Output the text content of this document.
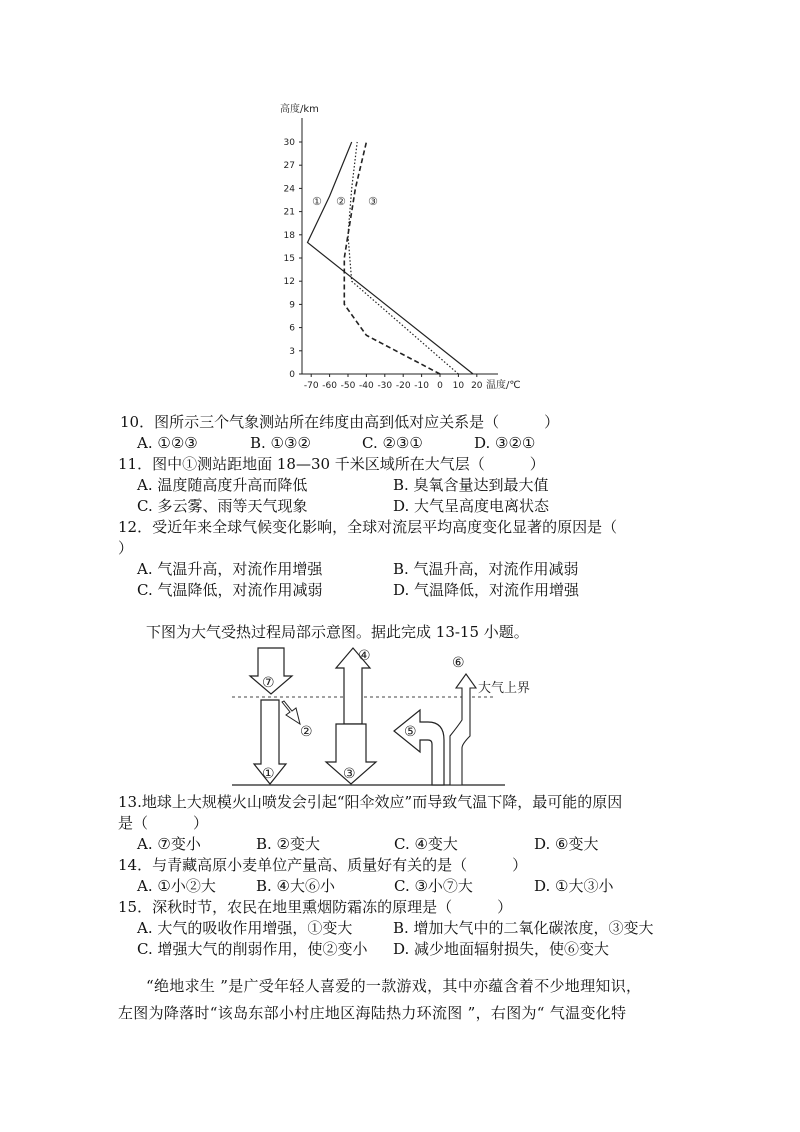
高度/km
0
3
6
9
12
15
18
21
24
27
30
-70 -60 -50 -40 -30 -20 -10 0 10 20 温度/℃
① ② ③
10．图所示三个气象测站所在纬度由高到低对应关系是（　　　）
A. ①②③	B. ①③②	C. ②③①	D. ③②①
11．图中①测站距地面 18—30 千米区域所在大气层（　　　）
A. 温度随高度升高而降低	B. 臭氧含量达到最大值
C. 多云雾、雨等天气现象	D. 大气呈高度电离状态
12．受近年来全球气候变化影响，全球对流层平均高度变化显著的原因是（
）
A. 气温升高，对流作用增强	B. 气温升高，对流作用减弱
C. 气温降低，对流作用减弱	D. 气温降低，对流作用增强
下图为大气受热过程局部示意图。据此完成 13-15 小题。
大气上界
⑦
①
②
④
③
⑤
⑥
13.地球上大规模火山喷发会引起“阳伞效应”而导致气温下降，最可能的原因
是（　　　）
A. ⑦变小	B. ②变大	C. ④变大	D. ⑥变大
14．与青藏高原小麦单位产量高、质量好有关的是（　　　）
A. ①小②大	B. ④大⑥小	C. ③小⑦大	D. ①大③小
15．深秋时节，农民在地里熏烟防霜冻的原理是（　　　）
A. 大气的吸收作用增强，①变大	B. 增加大气中的二氧化碳浓度，③变大
C. 增强大气的削弱作用，使②变小 D. 减少地面辐射损失，使⑥变大
“绝地求生 ”是广受年轻人喜爱的一款游戏，其中亦蕴含着不少地理知识，
左图为降落时“该岛东部小村庄地区海陆热力环流图 ”，右图为“ 气温变化特
